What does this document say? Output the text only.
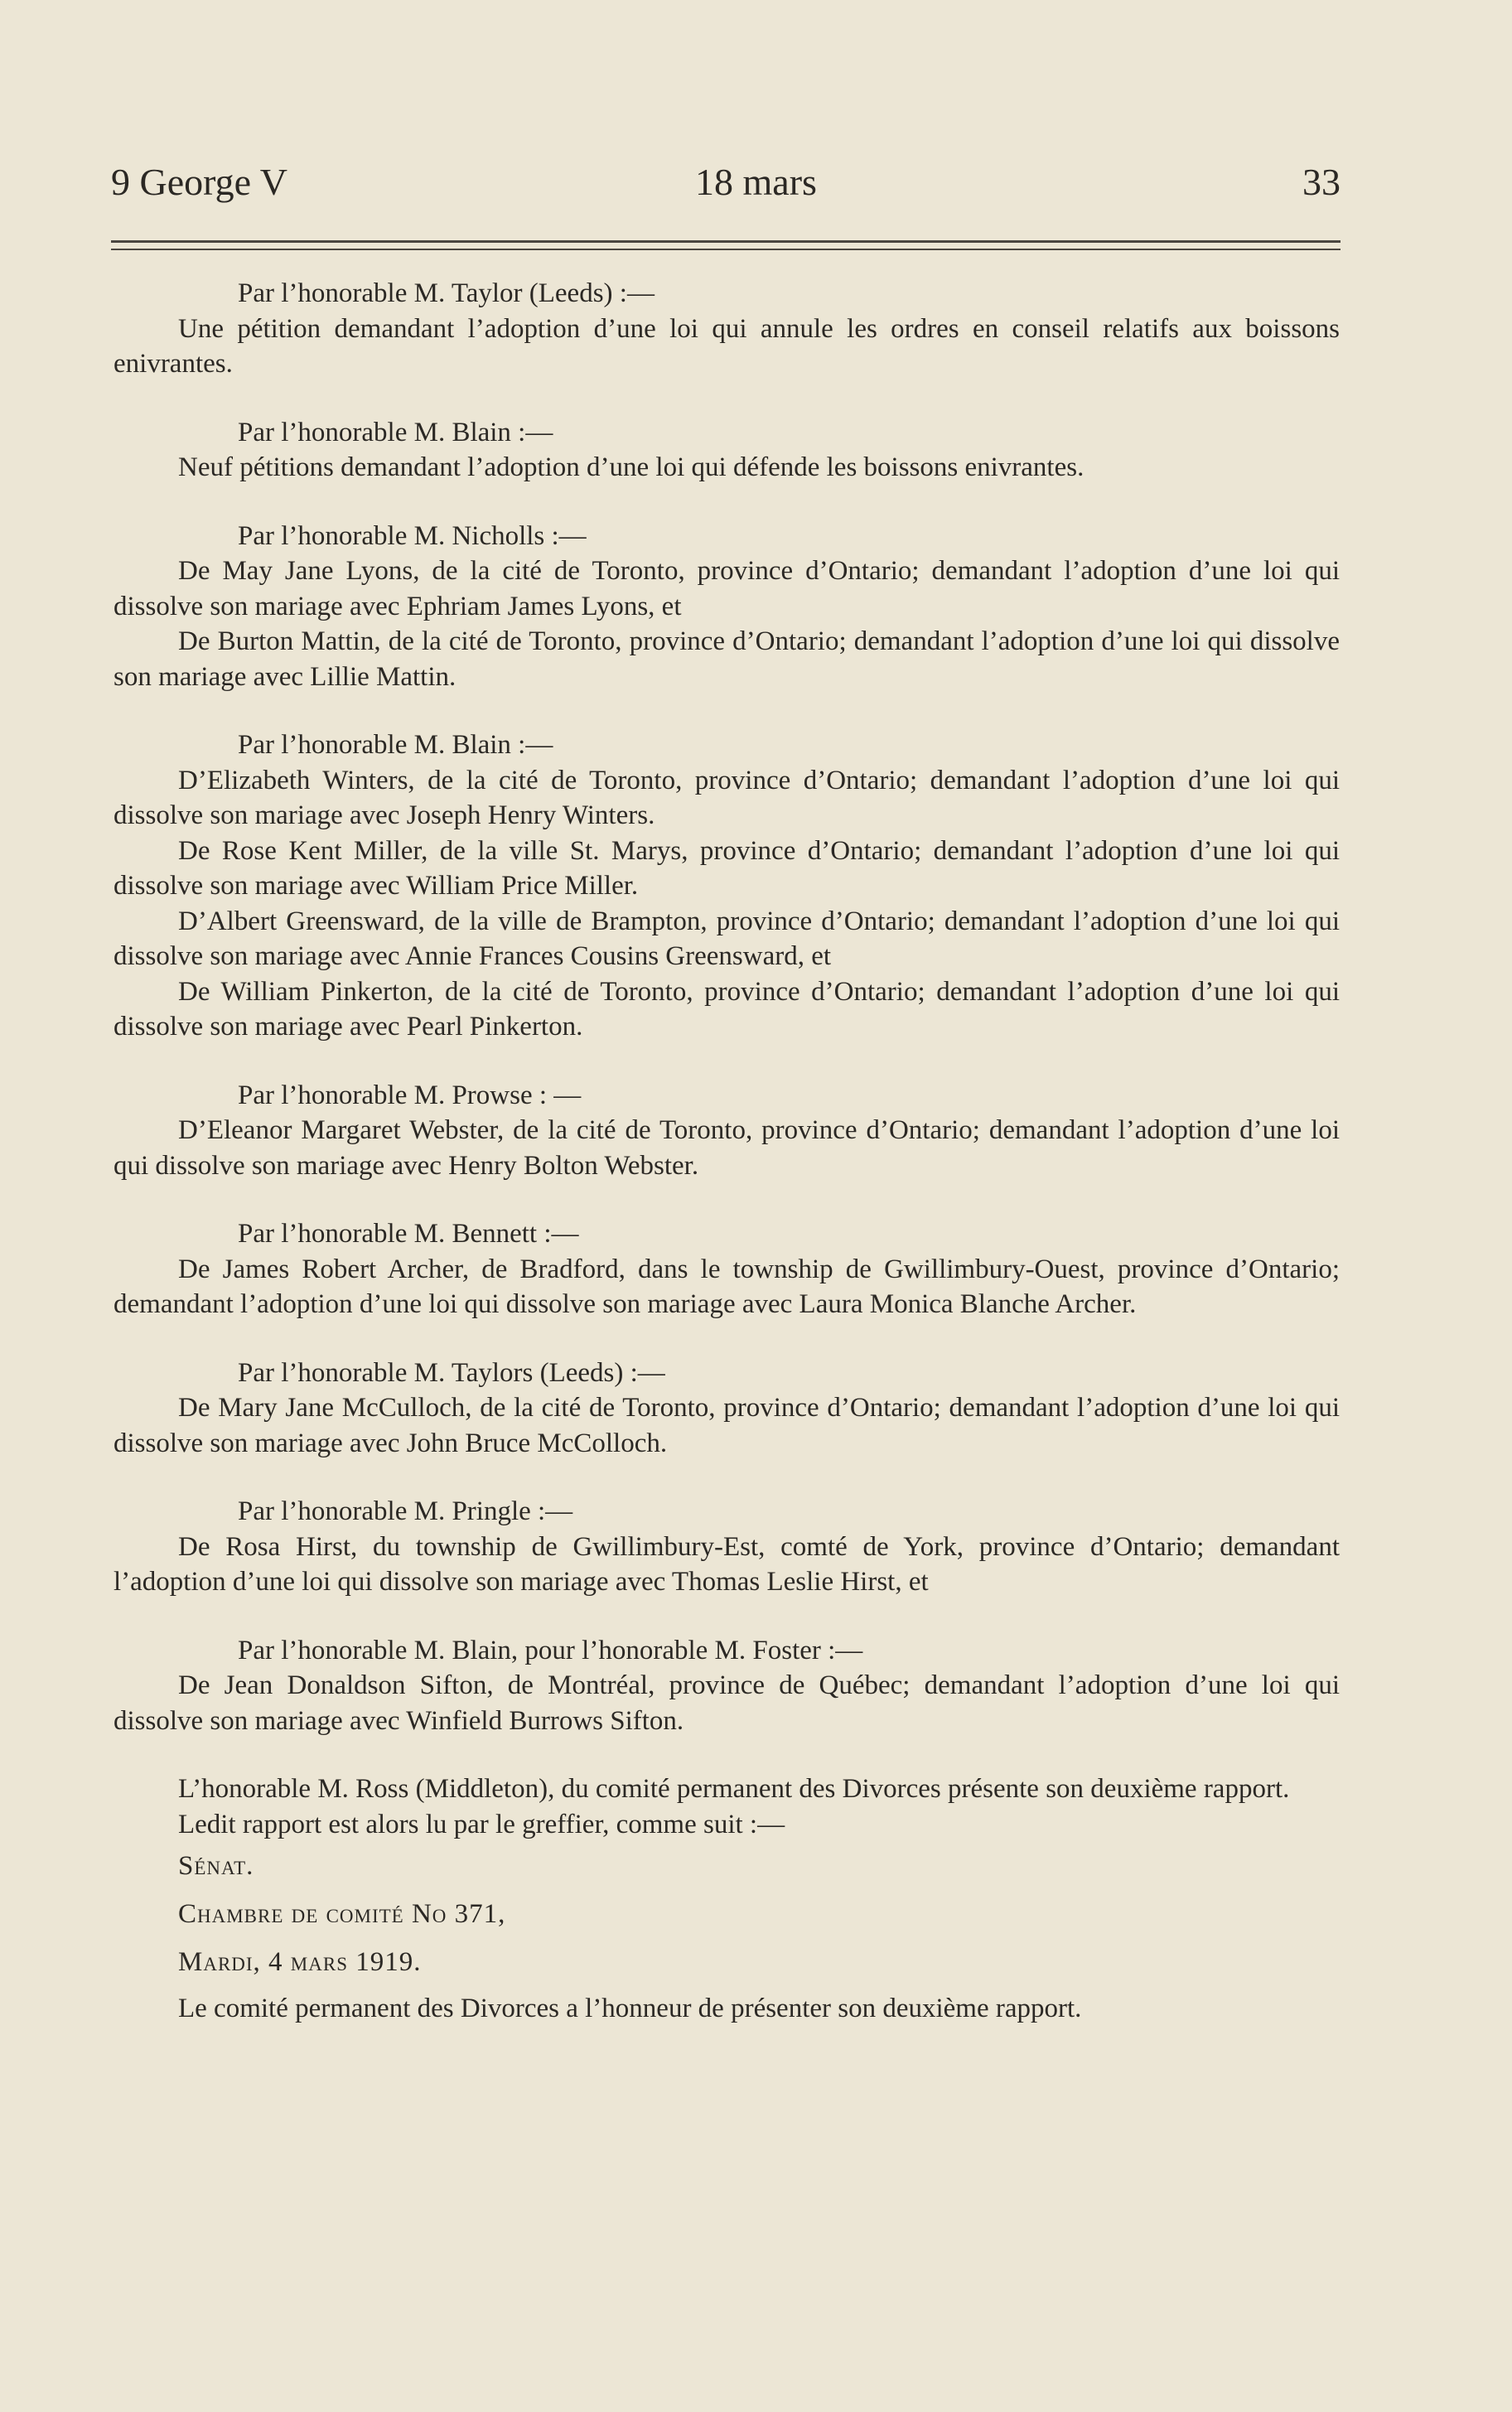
18 mars
9 George V	33

Par l’honorable M. Taylor (Leeds) :—

Une pétition demandant l’adoption d’une loi qui annule les ordres en conseil relatifs aux boissons enivrantes.

Par l’honorable M. Blain :—

Neuf pétitions demandant l’adoption d’une loi qui défende les boissons enivrantes.

Par l’honorable M. Nicholls :—

De May Jane Lyons, de la cité de Toronto, province d’Ontario; demandant l’adoption d’une loi qui dissolve son mariage avec Ephriam James Lyons, et

De Burton Mattin, de la cité de Toronto, province d’Ontario; demandant l’adoption d’une loi qui dissolve son mariage avec Lillie Mattin.

Par l’honorable M. Blain :—

D’Elizabeth Winters, de la cité de Toronto, province d’Ontario; demandant l’adoption d’une loi qui dissolve son mariage avec Joseph Henry Winters.

De Rose Kent Miller, de la ville St. Marys, province d’Ontario; demandant l’adoption d’une loi qui dissolve son mariage avec William Price Miller.

D’Albert Greensward, de la ville de Brampton, province d’Ontario; demandant l’adoption d’une loi qui dissolve son mariage avec Annie Frances Cousins Greensward, et

De William Pinkerton, de la cité de Toronto, province d’Ontario; demandant l’adoption d’une loi qui dissolve son mariage avec Pearl Pinkerton.

Par l’honorable M. Prowse : —

D’Eleanor Margaret Webster, de la cité de Toronto, province d’Ontario; demandant l’adoption d’une loi qui dissolve son mariage avec Henry Bolton Webster.

Par l’honorable M. Bennett :—

De James Robert Archer, de Bradford, dans le township de Gwillimbury-Ouest, province d’Ontario; demandant l’adoption d’une loi qui dissolve son mariage avec Laura Monica Blanche Archer.

Par l’honorable M. Taylors (Leeds) :—

De Mary Jane McCulloch, de la cité de Toronto, province d’Ontario; demandant l’adoption d’une loi qui dissolve son mariage avec John Bruce McColloch.

Par l’honorable M. Pringle :—

De Rosa Hirst, du township de Gwillimbury-Est, comté de York, province d’Ontario; demandant l’adoption d’une loi qui dissolve son mariage avec Thomas Leslie Hirst, et

Par l’honorable M. Blain, pour l’honorable M. Foster :—

De Jean Donaldson Sifton, de Montréal, province de Québec; demandant l’adoption d’une loi qui dissolve son mariage avec Winfield Burrows Sifton.

L’honorable M. Ross (Middleton), du comité permanent des Divorces présente son deuxième rapport.

Ledit rapport est alors lu par le greffier, comme suit :—

Sénat.

Chambre de comité No 371,

Mardi, 4 mars 1919.

Le comité permanent des Divorces a l’honneur de présenter son deuxième rapport.
